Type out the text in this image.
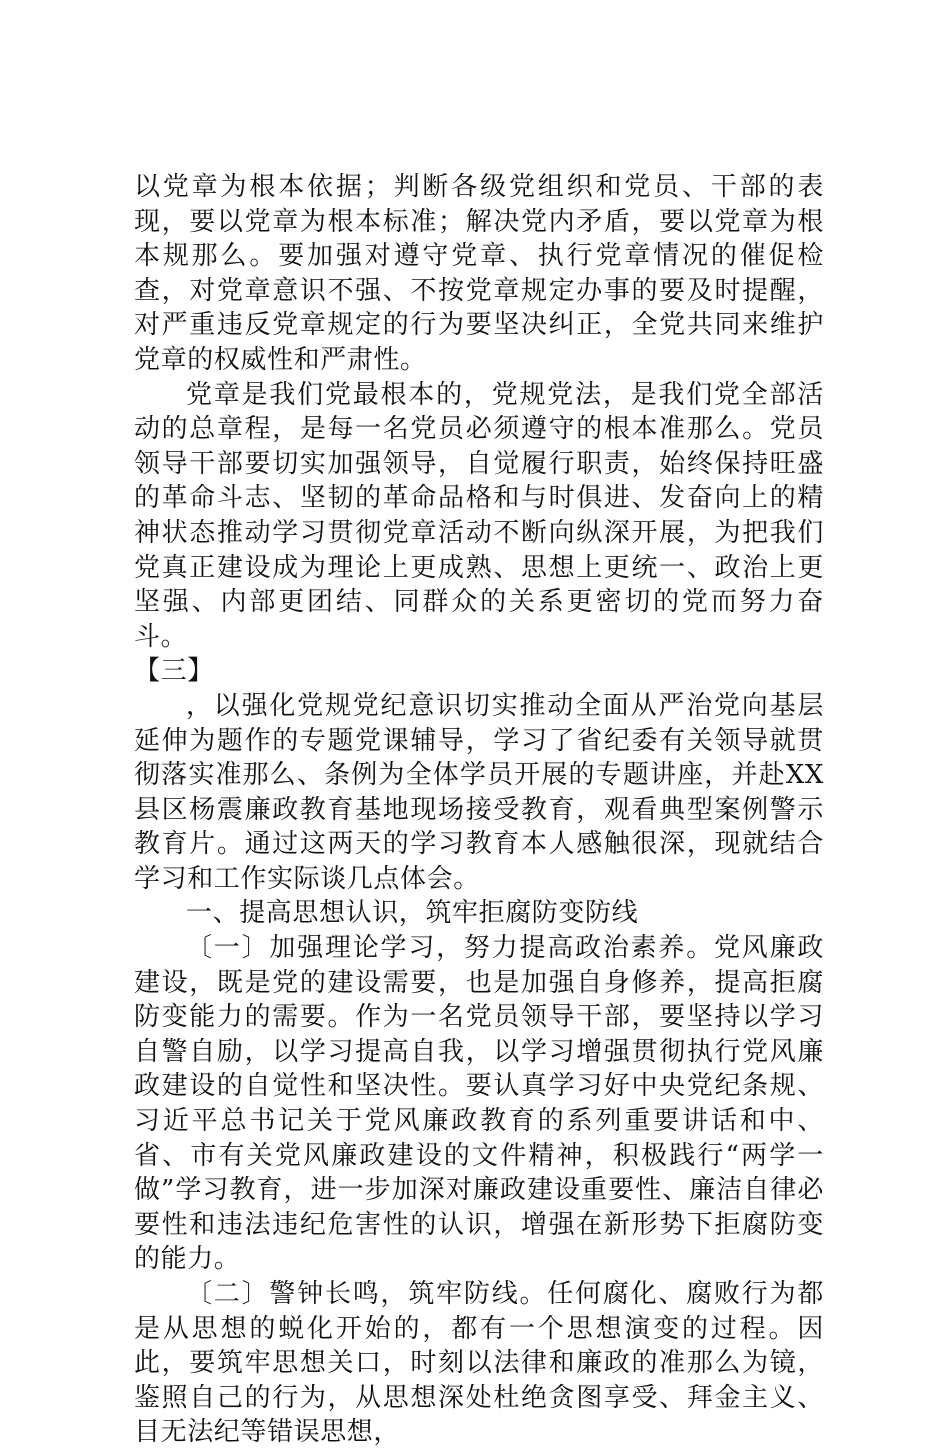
以党章为根本依据；判断各级党组织和党员、干部的表现，要以党章为根本标准；解决党内矛盾，要以党章为根本规那么。要加强对遵守党章、执行党章情况的催促检查，对党章意识不强、不按党章规定办事的要及时提醒，对严重违反党章规定的行为要坚决纠正，全党共同来维护党章的权威性和严肃性。

党章是我们党最根本的，党规党法，是我们党全部活动的总章程，是每一名党员必须遵守的根本准那么。党员领导干部要切实加强领导，自觉履行职责，始终保持旺盛的革命斗志、坚韧的革命品格和与时俱进、发奋向上的精神状态推动学习贯彻党章活动不断向纵深开展，为把我们党真正建设成为理论上更成熟、思想上更统一、政治上更坚强、内部更团结、同群众的关系更密切的党而努力奋斗。

【三】

，以强化党规党纪意识切实推动全面从严治党向基层延伸为题作的专题党课辅导，学习了省纪委有关领导就贯彻落实准那么、条例为全体学员开展的专题讲座，并赴XX县区杨震廉政教育基地现场接受教育，观看典型案例警示教育片。通过这两天的学习教育本人感触很深，现就结合学习和工作实际谈几点体会。

一、提高思想认识，筑牢拒腐防变防线

〔一〕加强理论学习，努力提高政治素养。党风廉政建设，既是党的建设需要，也是加强自身修养，提高拒腐防变能力的需要。作为一名党员领导干部，要坚持以学习自警自励，以学习提高自我，以学习增强贯彻执行党风廉政建设的自觉性和坚决性。要认真学习好中央党纪条规、习近平总书记关于党风廉政教育的系列重要讲话和中、省、市有关党风廉政建设的文件精神，积极践行“两学一做”学习教育，进一步加深对廉政建设重要性、廉洁自律必要性和违法违纪危害性的认识，增强在新形势下拒腐防变的能力。

〔二〕警钟长鸣，筑牢防线。任何腐化、腐败行为都是从思想的蜕化开始的，都有一个思想演变的过程。因此，要筑牢思想关口，时刻以法律和廉政的准那么为镜，鉴照自己的行为，从思想深处杜绝贪图享受、拜金主义、目无法纪等错误思想，
